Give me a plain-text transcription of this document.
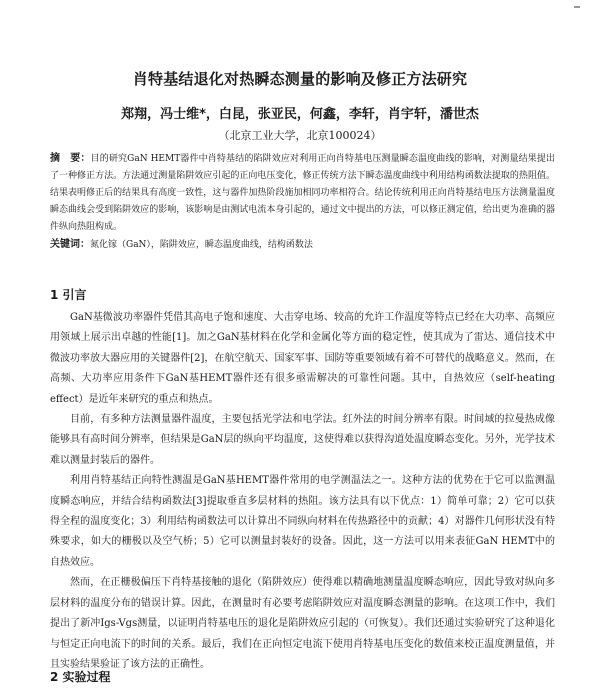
肖特基结退化对热瞬态测量的影响及修正方法研究
郑翔，冯士维*，白昆，张亚民，何鑫，李轩，肖宇轩，潘世杰
（北京工业大学，北京100024）
摘　要：目的研究GaN HEMT器件中肖特基结的陷阱效应对利用正向肖特基电压测量瞬态温度曲线的影响，对测量结果提出了一种修正方法。方法通过测量陷阱效应引起的正向电压变化，修正传统方法下瞬态温度曲线中利用结构函数法提取的热阻值。结果表明修正后的结果具有高度一致性，这与器件加热阶段施加相同功率相符合。结论传统利用正向肖特基结电压方法测量温度瞬态曲线会受到陷阱效应的影响，该影响是由测试电流本身引起的，通过文中提出的方法，可以修正测定值，给出更为准确的器件纵向热阻构成。
关键词：氮化镓（GaN），陷阱效应，瞬态温度曲线，结构函数法
1 引言

GaN基微波功率器件凭借其高电子饱和速度、大击穿电场、较高的允许工作温度等特点已经在大功率、高频应用领域上展示出卓越的性能[1]。加之GaN基材料在化学和金属化等方面的稳定性，使其成为了雷达、通信技术中微波功率放大器应用的关键器件[2]，在航空航天、国家军事、国防等重要领域有着不可替代的战略意义。然而，在高频、大功率应用条件下GaN基HEMT器件还有很多亟需解决的可靠性问题。其中，自热效应（self-heating effect）是近年来研究的重点和热点。

目前，有多种方法测量器件温度，主要包括光学法和电学法。红外法的时间分辨率有限。时间域的拉曼热成像能够具有高时间分辨率，但结果是GaN层的纵向平均温度，这使得难以获得沟道处温度瞬态变化。另外，光学技术难以测量封装后的器件。

利用肖特基结正向特性测温是GaN基HEMT器件常用的电学测温法之一。这种方法的优势在于它可以监测温度瞬态响应，并结合结构函数法[3]提取垂直多层材料的热阻。该方法具有以下优点：1）简单可靠；2）它可以获得全程的温度变化；3）利用结构函数法可以计算出不同纵向材料在传热路径中的贡献；4）对器件几何形状没有特殊要求，如大的栅极以及空气桥；5）它可以测量封装好的设备。因此，这一方法可以用来表征GaN HEMT中的自热效应。

然而，在正栅极偏压下肖特基接触的退化（陷阱效应）使得难以精确地测量温度瞬态响应，因此导致对纵向多层材料的温度分布的错误计算。因此，在测量时有必要考虑陷阱效应对温度瞬态测量的影响。在这项工作中，我们提出了新冲Igs-Vgs测量，以证明肖特基电压的退化是陷阱效应引起的（可恢复）。我们还通过实验研究了这种退化与恒定正向电流下的时间的关系。最后，我们在正向恒定电流下使用肖特基电压变化的数值来校正温度测量值，并且实验结果验证了该方法的正确性。

2 实验过程
